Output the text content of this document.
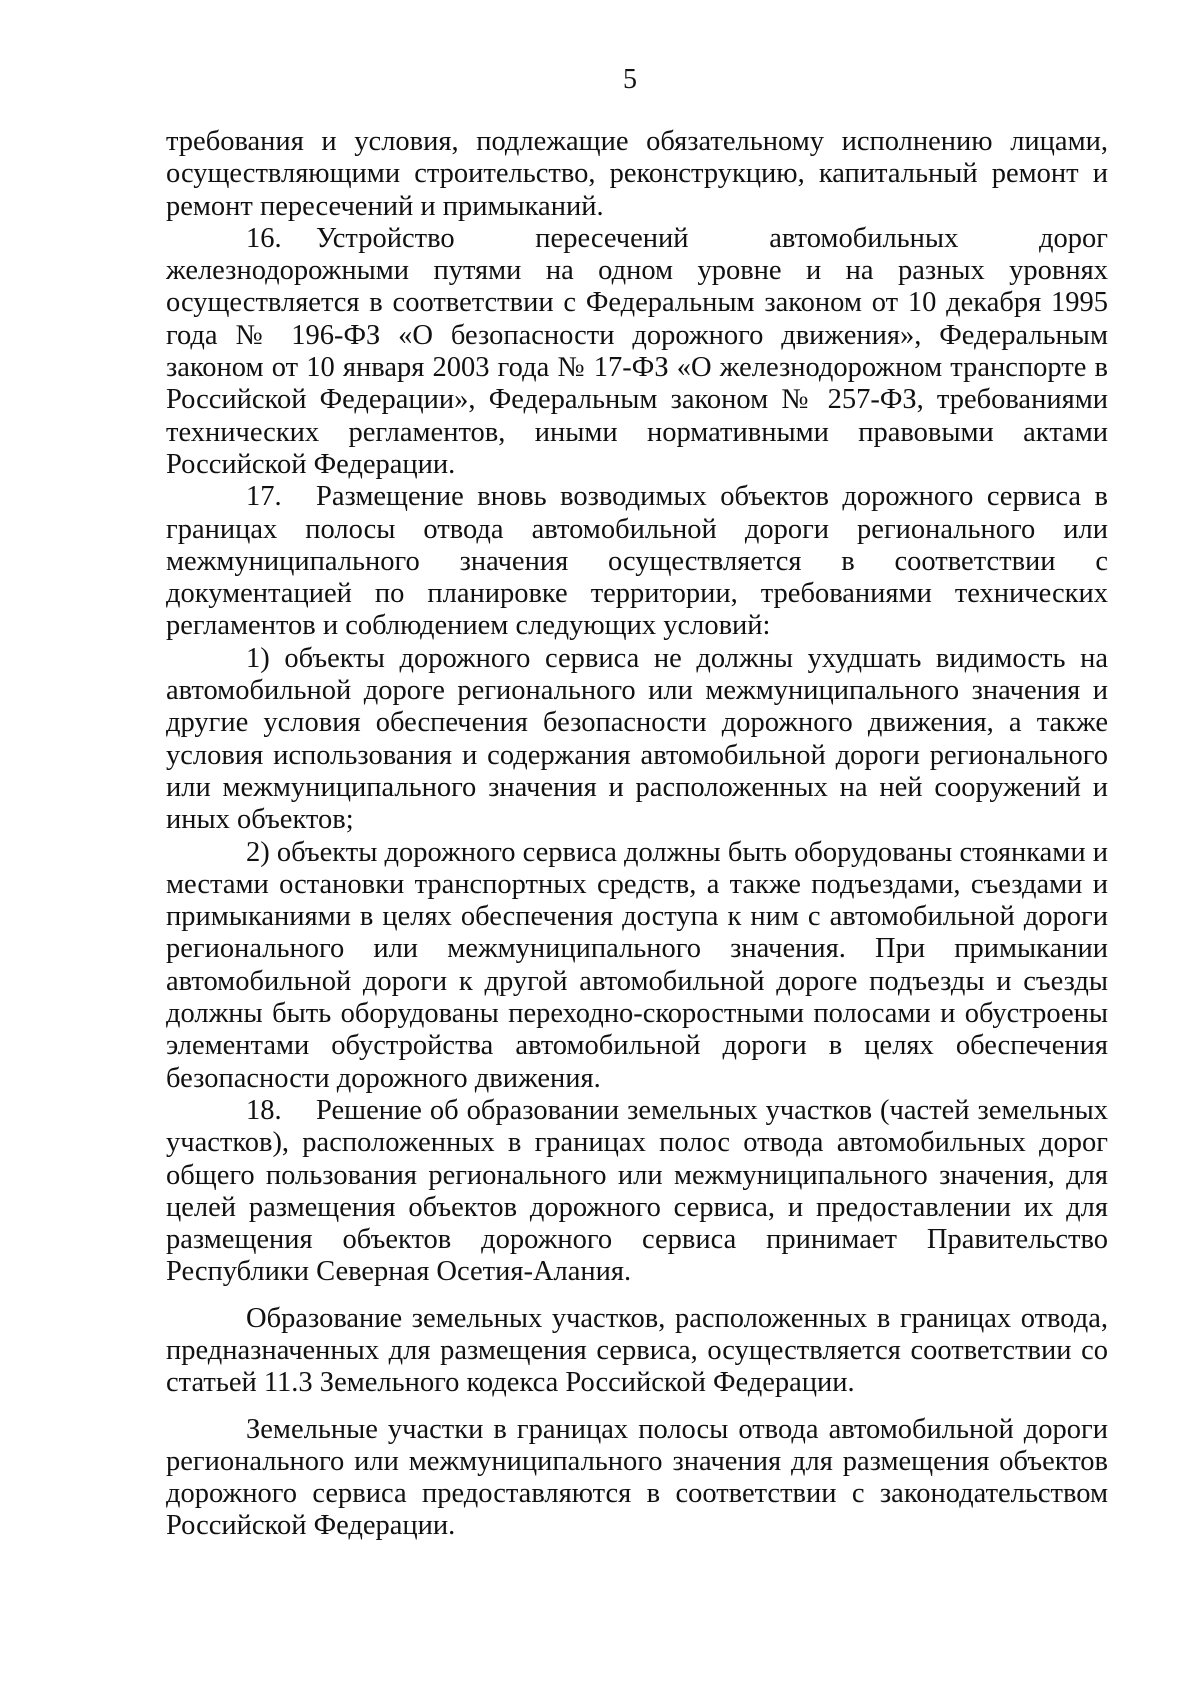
5

требования и условия, подлежащие обязательному исполнению лицами, осуществляющими строительство, реконструкцию, капитальный ремонт и ремонт пересечений и примыканий.

16. Устройство пересечений автомобильных дорог железнодорожными путями на одном уровне и на разных уровнях осуществляется в соответствии с Федеральным законом от 10 декабря 1995 года № 196-ФЗ «О безопасности дорожного движения», Федеральным законом от 10 января 2003 года № 17-ФЗ «О железнодорожном транспорте в Российской Федерации», Федеральным законом № 257-ФЗ, требованиями технических регламентов, иными нормативными правовыми актами Российской Федерации.

17. Размещение вновь возводимых объектов дорожного сервиса в границах полосы отвода автомобильной дороги регионального или межмуниципального значения осуществляется в соответствии с документацией по планировке территории, требованиями технических регламентов и соблюдением следующих условий:

1) объекты дорожного сервиса не должны ухудшать видимость на автомобильной дороге регионального или межмуниципального значения и другие условия обеспечения безопасности дорожного движения, а также условия использования и содержания автомобильной дороги регионального или межмуниципального значения и расположенных на ней сооружений и иных объектов;

2) объекты дорожного сервиса должны быть оборудованы стоянками и местами остановки транспортных средств, а также подъездами, съездами и примыканиями в целях обеспечения доступа к ним с автомобильной дороги регионального или межмуниципального значения. При примыкании автомобильной дороги к другой автомобильной дороге подъезды и съезды должны быть оборудованы переходно-скоростными полосами и обустроены элементами обустройства автомобильной дороги в целях обеспечения безопасности дорожного движения.

18. Решение об образовании земельных участков (частей земельных участков), расположенных в границах полос отвода автомобильных дорог общего пользования регионального или межмуниципального значения, для целей размещения объектов дорожного сервиса, и предоставлении их для размещения объектов дорожного сервиса принимает Правительство Республики Северная Осетия-Алания.

Образование земельных участков, расположенных в границах отвода, предназначенных для размещения сервиса, осуществляется соответствии со статьей 11.3 Земельного кодекса Российской Федерации.

Земельные участки в границах полосы отвода автомобильной дороги регионального или межмуниципального значения для размещения объектов дорожного сервиса предоставляются в соответствии с законодательством Российской Федерации.
